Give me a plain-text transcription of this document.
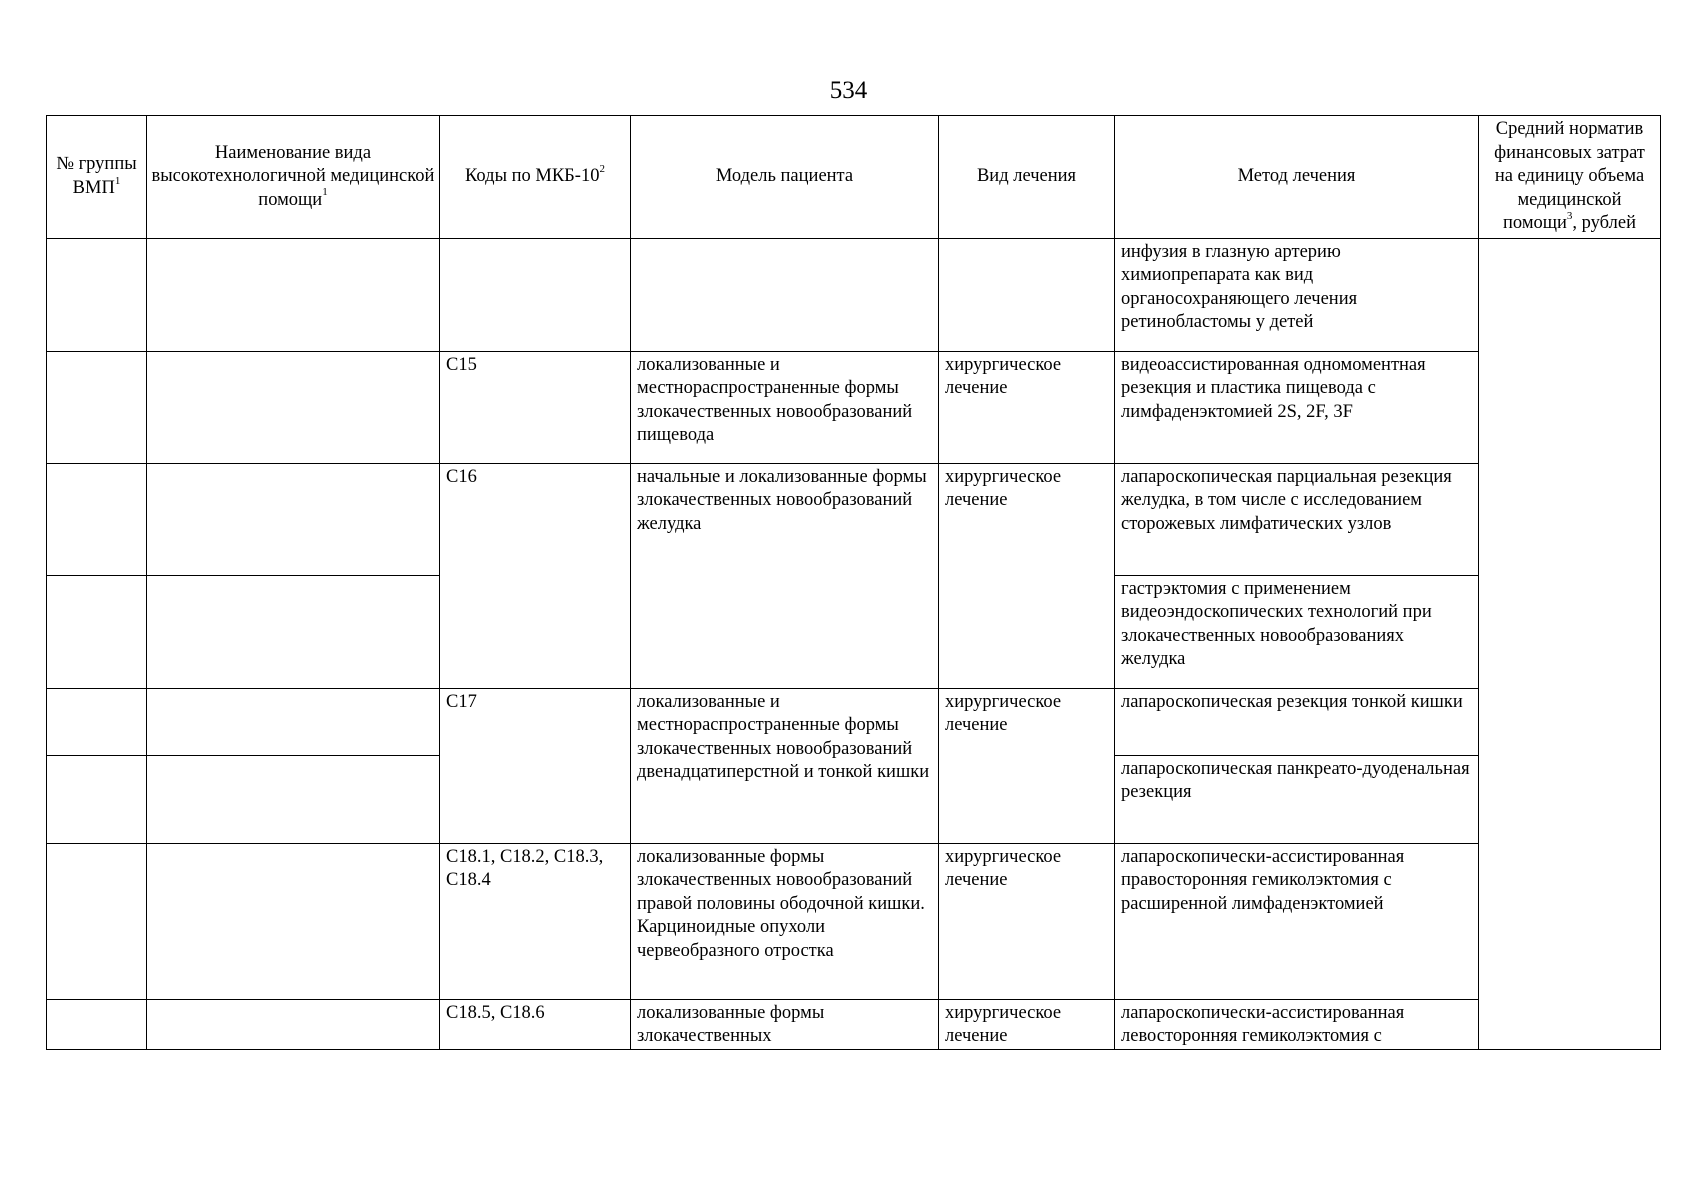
534
№ группы ВМП$^1$	Наименование вида высокотехнологичной медицинской помощи$^1$	Коды по МКБ-$10^2$	Модель пациента	Вид лечения	Метод лечения	Средний норматив финансовых затрат на единицу объема медицинской помощи$^3$, рублей
					инфузия в глазную артерию химиопрепарата как вид органосохраняющего лечения ретинобластомы у детей	
		C15	локализованные и местнораспространенные формы злокачественных новообразований пищевода	хирургическое лечение	видеоассистированная одномоментная резекция и пластика пищевода с лимфаденэктомией 2S, 2F, 3F	
		C16	начальные и локализованные формы злокачественных новообразований желудка	хирургическое лечение	лапароскопическая парциальная резекция желудка, в том числе с исследованием сторожевых лимфатических узлов	
					гастрэктомия с применением видеоэндоскопических технологий при злокачественных новообразованиях желудка	
		C17	локализованные и местнораспространенные формы злокачественных новообразований двенадцатиперстной и тонкой кишки	хирургическое лечение	лапароскопическая резекция тонкой кишки	
					лапароскопическая панкреато-дуоденальная резекция	
		C18.1, C18.2, C18.3, C18.4	локализованные формы злокачественных новообразований правой половины ободочной кишки. Карциноидные опухоли червеобразного отростка	хирургическое лечение	лапароскопически-ассистированная правосторонняя гемиколэктомия с расширенной лимфаденэктомией	
		C18.5, C18.6	локализованные формы злокачественных	хирургическое лечение	лапароскопически-ассистированная левосторонняя гемиколэктомия с	
